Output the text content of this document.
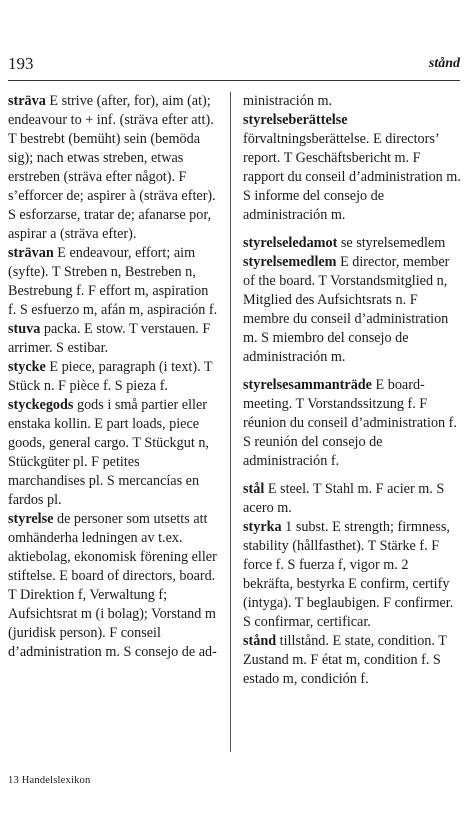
193	stånd

sträva E strive (after, for), aim (at); endeavour to + inf. (sträva efter att). T bestrebt (bemüht) sein (bemöda sig); nach etwas streben, etwas erstreben (sträva efter något). F s’efforcer de; aspirer à (sträva efter). S esforzarse, tratar de; afanarse por, aspirar a (sträva efter).

strävan E endeavour, effort; aim (syfte). T Streben n, Bestreben n, Bestrebung f. F effort m, aspiration f. S esfuerzo m, afán m, aspiración f.

stuva packa. E stow. T verstauen. F arrimer. S estibar.

stycke E piece, paragraph (i text). T Stück n. F pièce f. S pieza f.

styckegods gods i små partier eller enstaka kollin. E part loads, piece goods, general cargo. T Stückgut n, Stückgüter pl. F petites marchandises pl. S mercancías en fardos pl.

styrelse de personer som utsetts att omhänderha ledningen av t.ex. aktiebolag, ekonomisk förening eller stiftelse. E board of directors, board. T Direktion f, Verwaltung f; Aufsichtsrat m (i bolag); Vorstand m (juridisk person). F conseil d’administration m. S consejo de ad-

ministración m.

styrelseberättelse förvaltningsberättelse. E directors’ report. T Geschäftsbericht m. F rapport du conseil d’administration m. S informe del consejo de administración m.

styrelseledamot se styrelsemedlem

styrelsemedlem E director, member of the board. T Vorstandsmitglied n, Mitglied des Aufsichtsrats n. F membre du conseil d’administration m. S miembro del consejo de administración m.

styrelsesammanträde E board-meeting. T Vorstandssitzung f. F réunion du conseil d’administration f. S reunión del consejo de administración f.

stål E steel. T Stahl m. F acier m. S acero m.

styrka 1 subst. E strength; firmness, stability (hållfasthet). T Stärke f. F force f. S fuerza f, vigor m. 2 bekräfta, bestyrka E confirm, certify (intyga). T beglaubigen. F confirmer. S confirmar, certificar.

stånd tillstånd. E state, condition. T Zustand m. F état m, condition f. S estado m, condición f.

13 Handelslexikon
